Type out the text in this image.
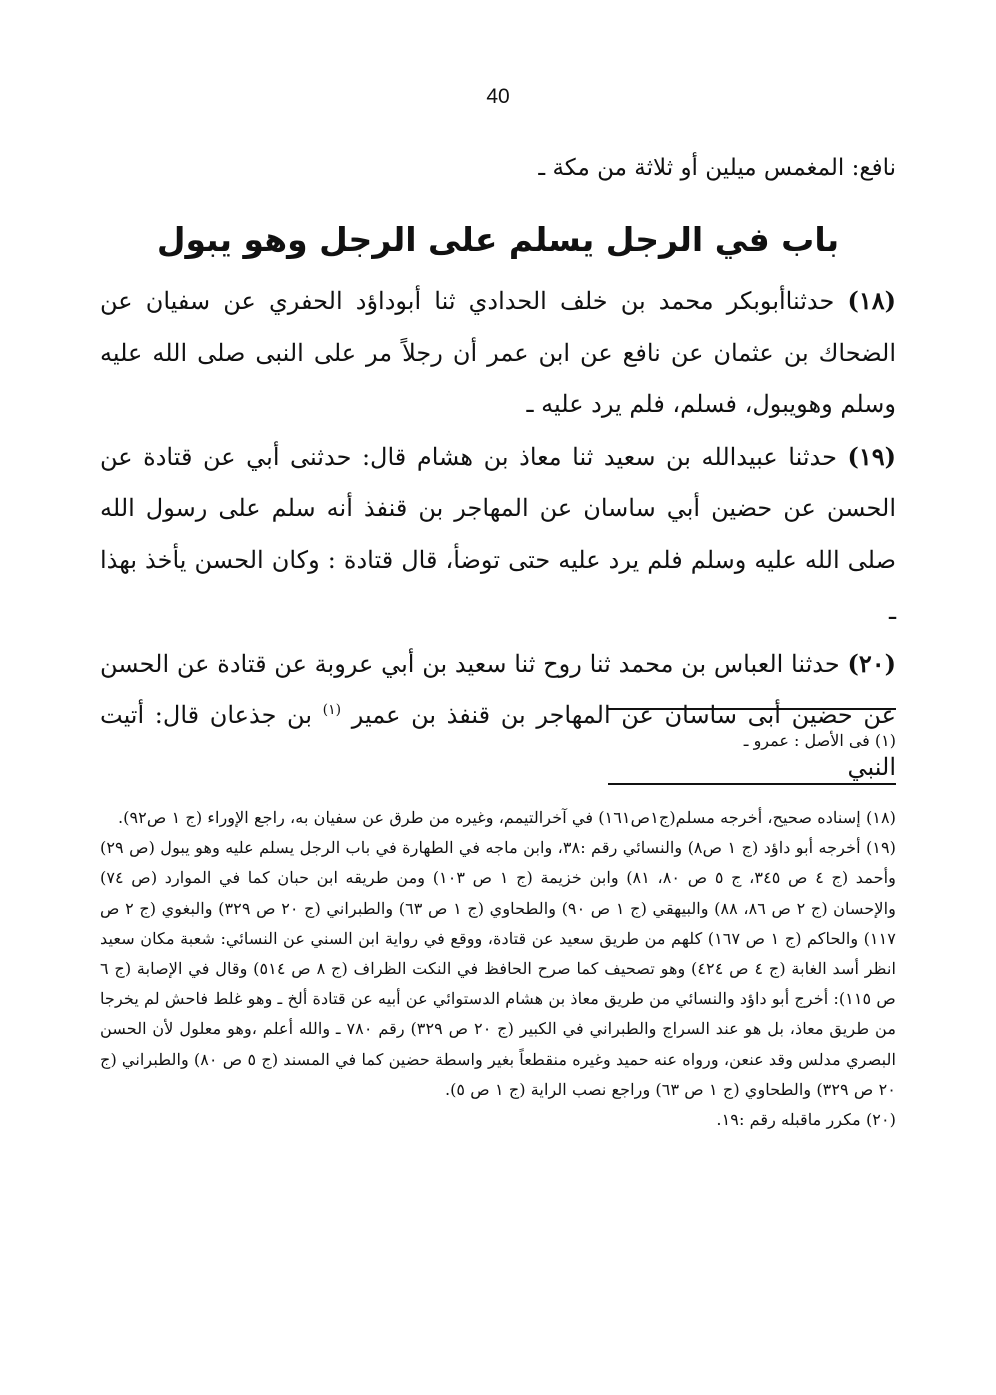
40
نافع: المغمس ميلين أو ثلاثة من مكة ـ
باب في الرجل يسلم على الرجل وهو يبول

(١٨) حدثناأبوبكر محمد بن خلف الحدادي ثنا أبوداؤد الحفري عن سفيان عن الضحاك بن عثمان عن نافع عن ابن عمر أن رجلاً مر على النبى صلى الله عليه وسلم وهويبول، فسلم، فلم يرد عليه ـ

(١٩) حدثنا عبيدالله بن سعيد ثنا معاذ بن هشام قال: حدثنى أبي عن قتادة عن الحسن عن حضين أبي ساسان عن المهاجر بن قنفذ أنه سلم على رسول الله صلى الله عليه وسلم فلم يرد عليه حتى توضأ، قال قتادة : وكان الحسن يأخذ بهذا ـ

(٢٠) حدثنا العباس بن محمد ثنا روح ثنا سعيد بن أبي عروبة عن قتادة عن الحسن عن حضين أبى ساسان عن المهاجر بن قنفذ بن عمير $^{(١)}$ بن جذعان قال: أتيت النبي

(١) فى الأصل : عمرو ـ

(١٨) إسناده صحيح، أخرجه مسلم(ج١ص١٦١) في آخرالتيمم، وغيره من طرق عن سفيان به، راجع الإوراء (ج ١ ص٩٢).

(١٩) أخرجه أبو داؤد (ج ١ ص٨) والنسائي رقم :٣٨، وابن ماجه في الطهارة في باب الرجل يسلم عليه وهو يبول (ص ٢٩) وأحمد (ج ٤ ص ٣٤٥، ج ٥ ص ٨٠، ٨١) وابن خزيمة (ج ١ ص ١٠٣) ومن طريقه ابن حبان كما في الموارد (ص ٧٤) والإحسان (ج ٢ ص ٨٦، ٨٨) والبيهقي (ج ١ ص ٩٠) والطحاوي (ج ١ ص ٦٣) والطبراني (ج ٢٠ ص ٣٢٩) والبغوي (ج ٢ ص ١١٧) والحاكم (ج ١ ص ١٦٧) كلهم من طريق سعيد عن قتادة، ووقع في رواية ابن السني عن النسائي: شعبة مكان سعيد انظر أسد الغابة (ج ٤ ص ٤٢٤) وهو تصحيف كما صرح الحافظ في النكت الظراف (ج ٨ ص ٥١٤) وقال في الإصابة (ج ٦ ص ١١٥): أخرج أبو داؤد والنسائي من طريق معاذ بن هشام الدستوائي عن أبيه عن قتادة ألخ ـ وهو غلط فاحش لم يخرجا من طريق معاذ، بل هو عند السراج والطبراني في الكبير (ج ٢٠ ص ٣٢٩) رقم ٧٨٠ ـ والله أعلم ،وهو معلول لأن الحسن البصري مدلس وقد عنعن، ورواه عنه حميد وغيره منقطعاً بغير واسطة حضين كما في المسند (ج ٥ ص ٨٠) والطبراني (ج ٢٠ ص ٣٢٩) والطحاوي (ج ١ ص ٦٣) وراجع نصب الراية (ج ١ ص ٥).

(٢٠) مكرر ماقبله رقم :١٩.
